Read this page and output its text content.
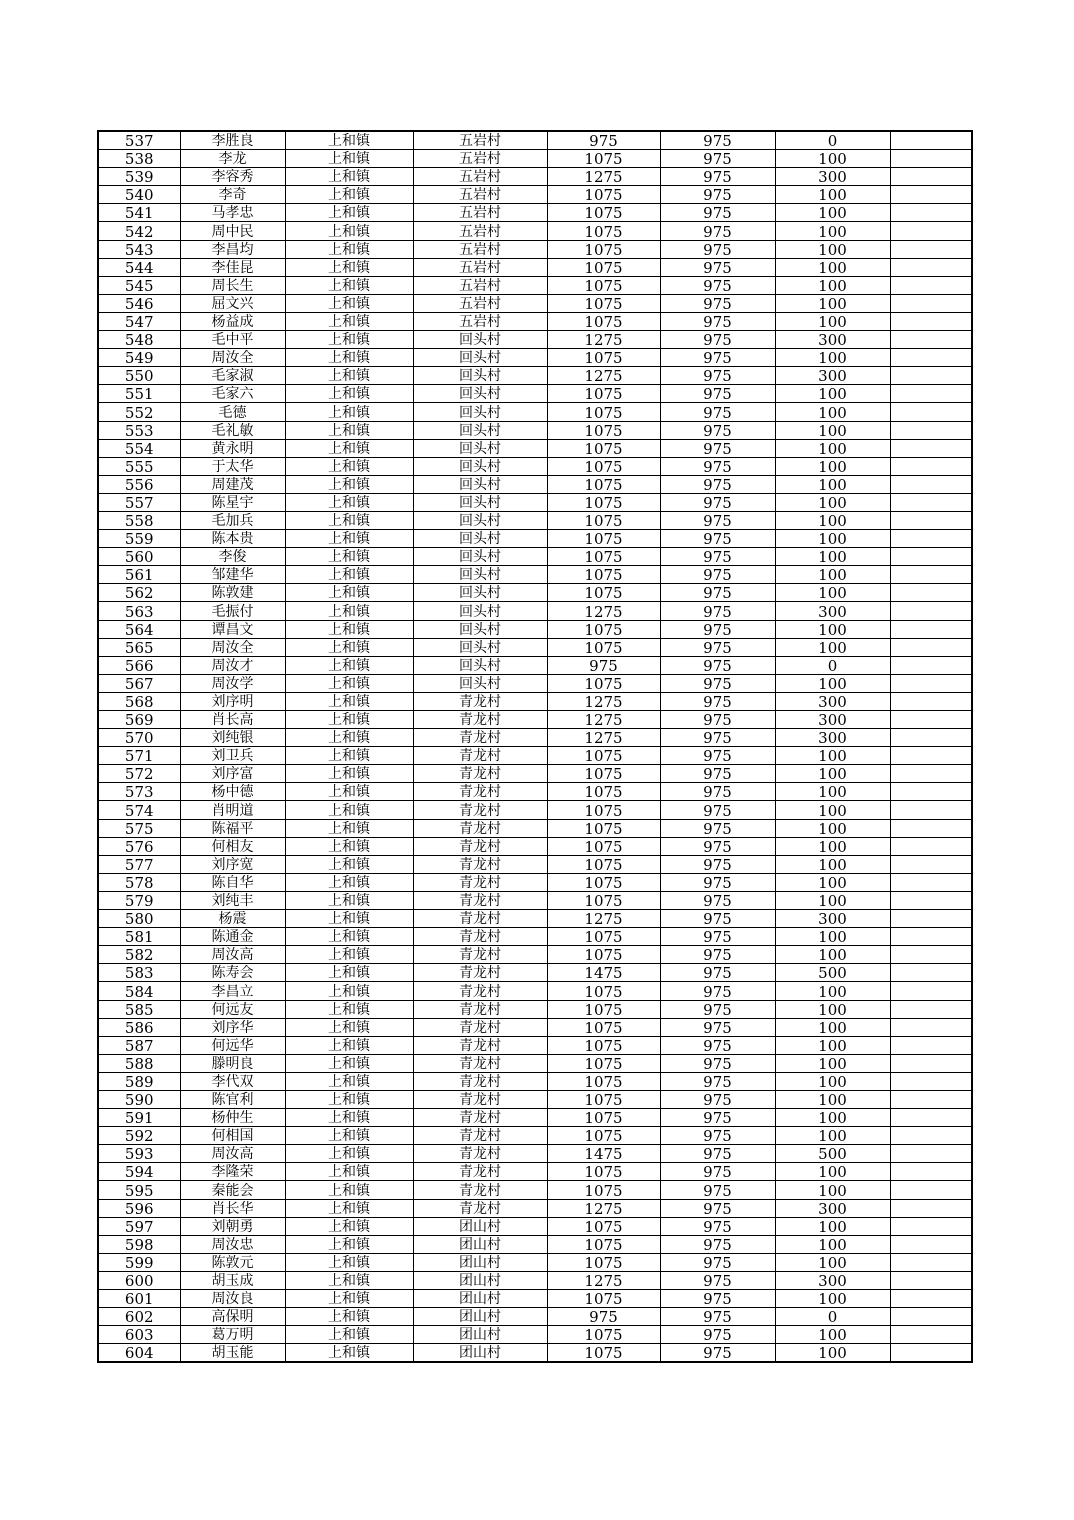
537	李胜良	上和镇	五岩村	975	975	0	
538	李龙	上和镇	五岩村	1075	975	100	
539	李容秀	上和镇	五岩村	1275	975	300	
540	李奇	上和镇	五岩村	1075	975	100	
541	马孝忠	上和镇	五岩村	1075	975	100	
542	周中民	上和镇	五岩村	1075	975	100	
543	李昌均	上和镇	五岩村	1075	975	100	
544	李佳昆	上和镇	五岩村	1075	975	100	
545	周长生	上和镇	五岩村	1075	975	100	
546	屈文兴	上和镇	五岩村	1075	975	100	
547	杨益成	上和镇	五岩村	1075	975	100	
548	毛中平	上和镇	回头村	1275	975	300	
549	周汝全	上和镇	回头村	1075	975	100	
550	毛家淑	上和镇	回头村	1275	975	300	
551	毛家六	上和镇	回头村	1075	975	100	
552	毛德	上和镇	回头村	1075	975	100	
553	毛礼敏	上和镇	回头村	1075	975	100	
554	黄永明	上和镇	回头村	1075	975	100	
555	于太华	上和镇	回头村	1075	975	100	
556	周建茂	上和镇	回头村	1075	975	100	
557	陈星宇	上和镇	回头村	1075	975	100	
558	毛加兵	上和镇	回头村	1075	975	100	
559	陈本贵	上和镇	回头村	1075	975	100	
560	李俊	上和镇	回头村	1075	975	100	
561	邹建华	上和镇	回头村	1075	975	100	
562	陈敦建	上和镇	回头村	1075	975	100	
563	毛振付	上和镇	回头村	1275	975	300	
564	谭昌文	上和镇	回头村	1075	975	100	
565	周汝全	上和镇	回头村	1075	975	100	
566	周汝才	上和镇	回头村	975	975	0	
567	周汝学	上和镇	回头村	1075	975	100	
568	刘序明	上和镇	青龙村	1275	975	300	
569	肖长高	上和镇	青龙村	1275	975	300	
570	刘纯银	上和镇	青龙村	1275	975	300	
571	刘卫兵	上和镇	青龙村	1075	975	100	
572	刘序富	上和镇	青龙村	1075	975	100	
573	杨中德	上和镇	青龙村	1075	975	100	
574	肖明道	上和镇	青龙村	1075	975	100	
575	陈福平	上和镇	青龙村	1075	975	100	
576	何相友	上和镇	青龙村	1075	975	100	
577	刘序宽	上和镇	青龙村	1075	975	100	
578	陈自华	上和镇	青龙村	1075	975	100	
579	刘纯丰	上和镇	青龙村	1075	975	100	
580	杨震	上和镇	青龙村	1275	975	300	
581	陈通金	上和镇	青龙村	1075	975	100	
582	周汝高	上和镇	青龙村	1075	975	100	
583	陈寿会	上和镇	青龙村	1475	975	500	
584	李昌立	上和镇	青龙村	1075	975	100	
585	何远友	上和镇	青龙村	1075	975	100	
586	刘序华	上和镇	青龙村	1075	975	100	
587	何远华	上和镇	青龙村	1075	975	100	
588	滕明良	上和镇	青龙村	1075	975	100	
589	李代双	上和镇	青龙村	1075	975	100	
590	陈官利	上和镇	青龙村	1075	975	100	
591	杨仲生	上和镇	青龙村	1075	975	100	
592	何相国	上和镇	青龙村	1075	975	100	
593	周汝高	上和镇	青龙村	1475	975	500	
594	李隆荣	上和镇	青龙村	1075	975	100	
595	秦能会	上和镇	青龙村	1075	975	100	
596	肖长华	上和镇	青龙村	1275	975	300	
597	刘朝勇	上和镇	团山村	1075	975	100	
598	周汝忠	上和镇	团山村	1075	975	100	
599	陈敦元	上和镇	团山村	1075	975	100	
600	胡玉成	上和镇	团山村	1275	975	300	
601	周汝良	上和镇	团山村	1075	975	100	
602	高保明	上和镇	团山村	975	975	0	
603	葛万明	上和镇	团山村	1075	975	100	
604	胡玉能	上和镇	团山村	1075	975	100	
